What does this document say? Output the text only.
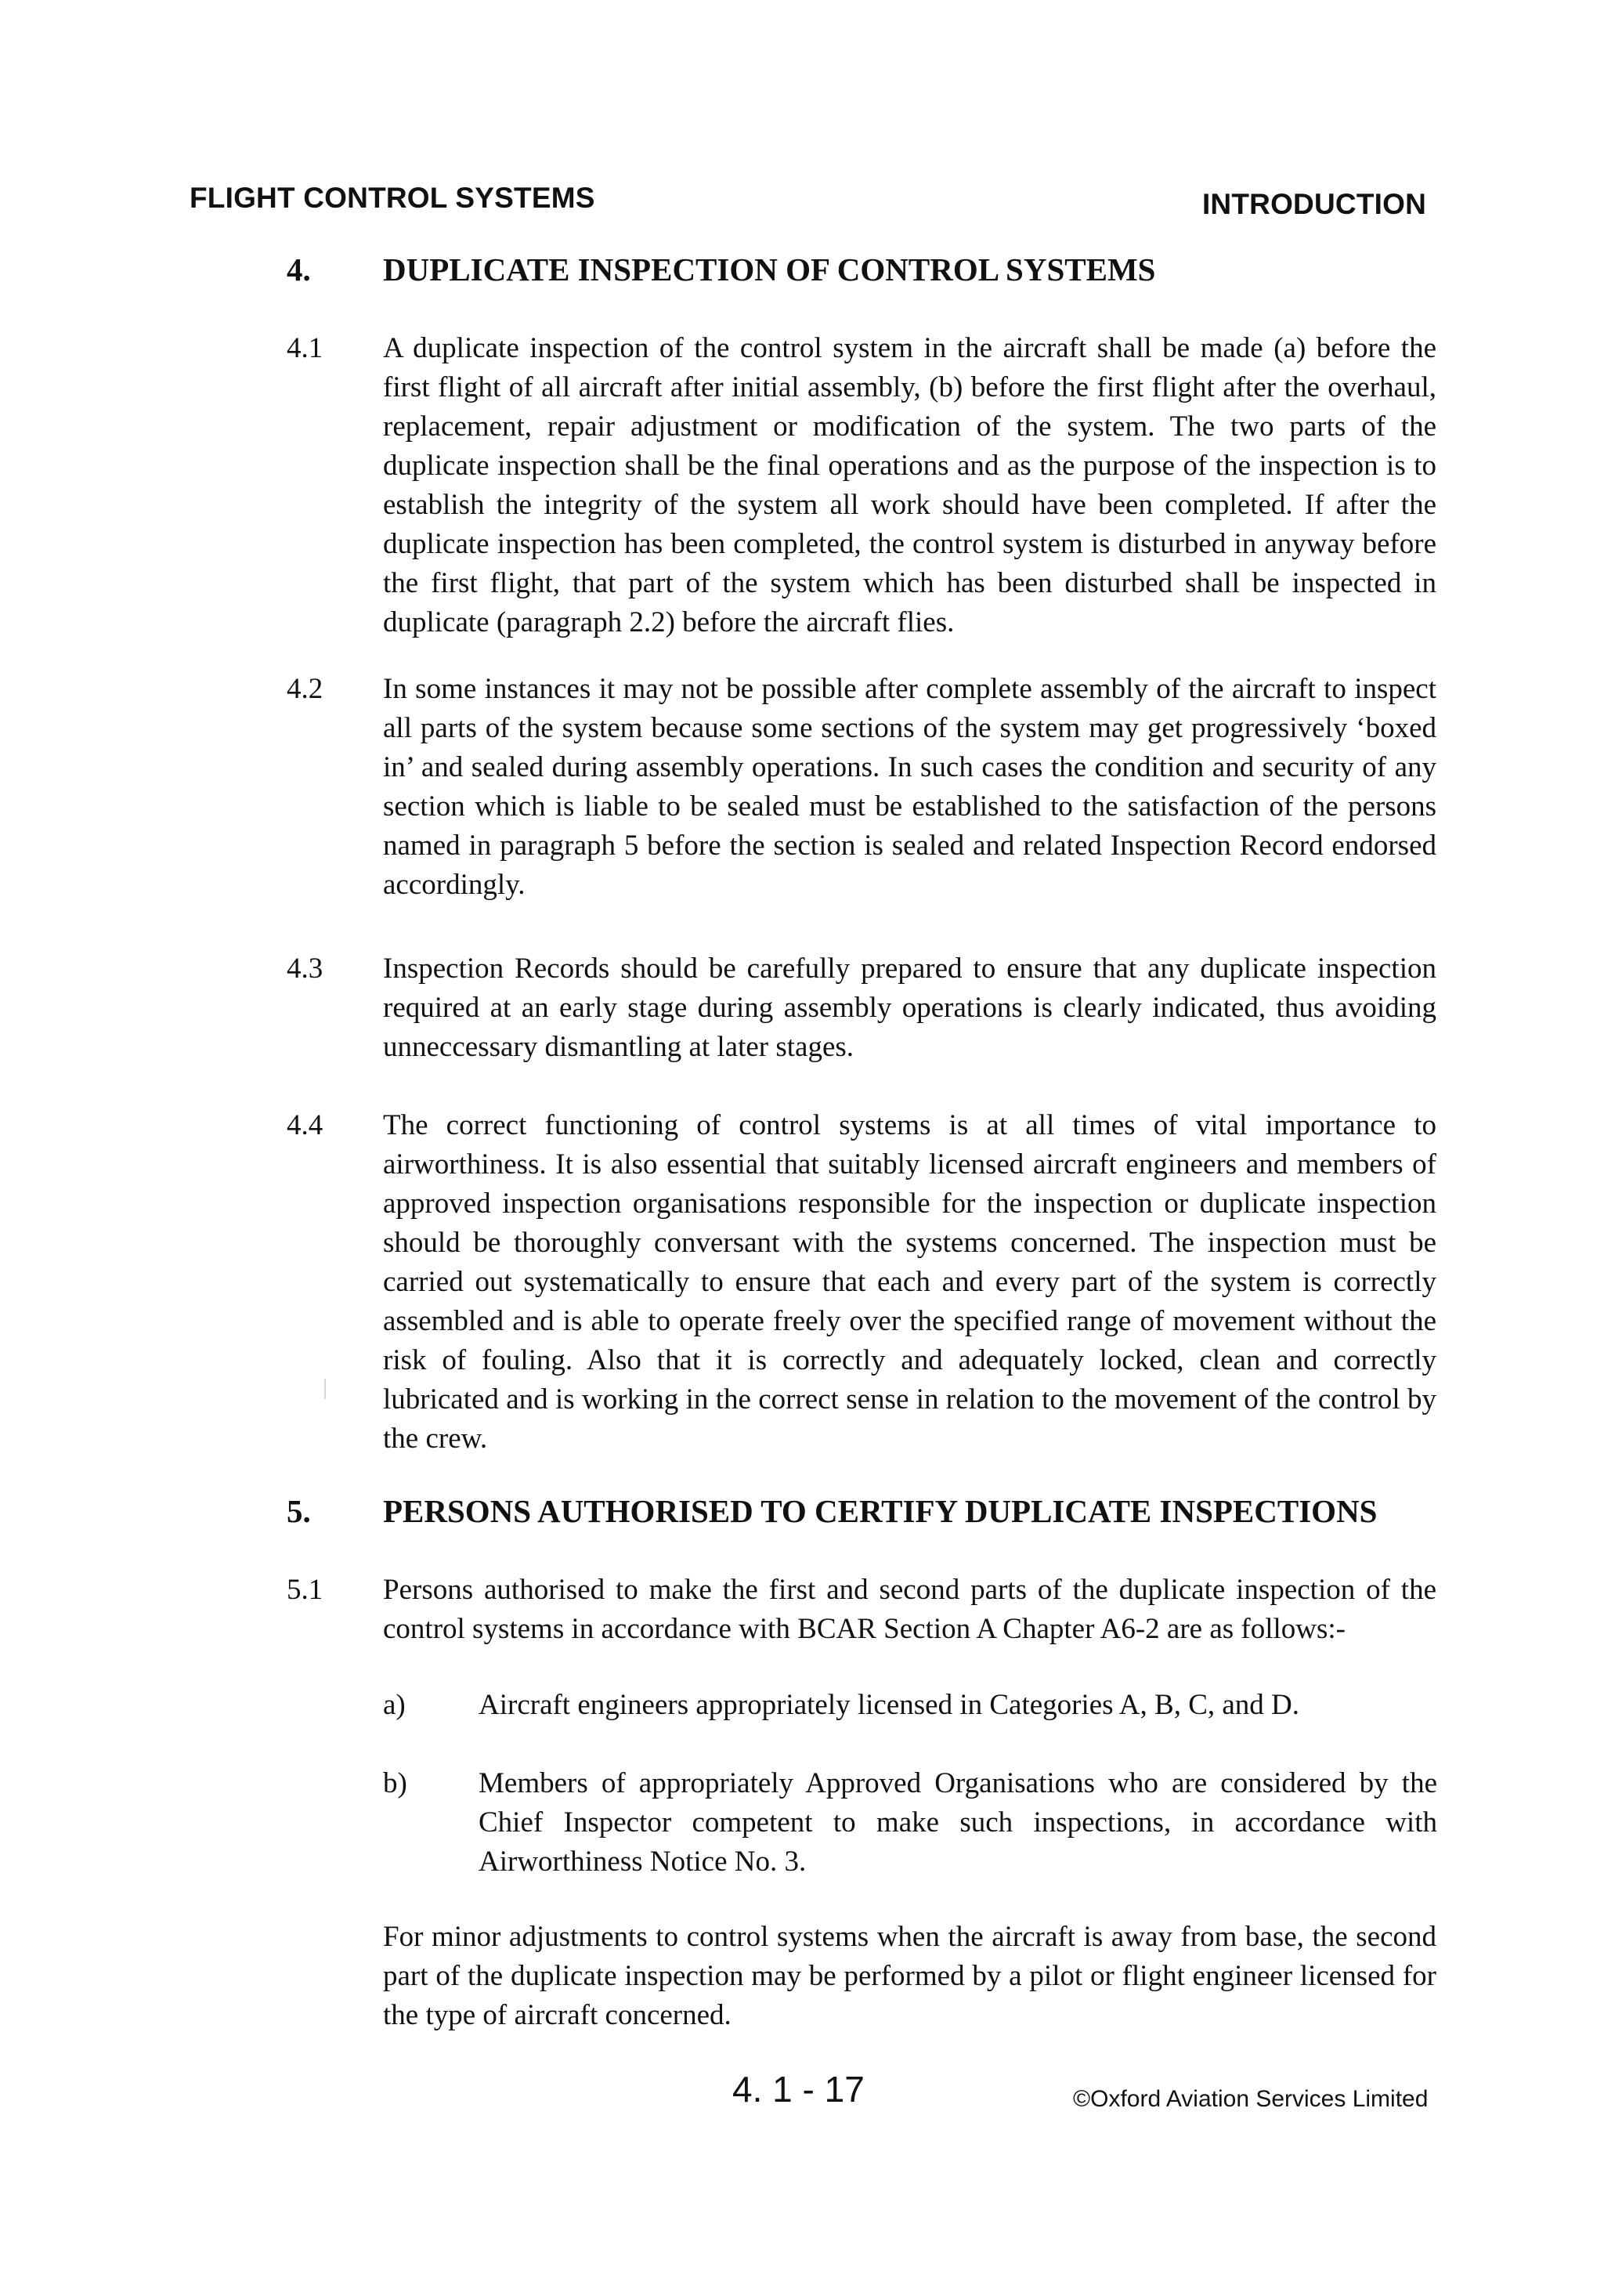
FLIGHT CONTROL SYSTEMS	INTRODUCTION
4. DUPLICATE INSPECTION OF CONTROL SYSTEMS
4.1 A duplicate inspection of the control system in the aircraft shall be made (a) before the first flight of all aircraft after initial assembly, (b) before the first flight after the overhaul, replacement, repair adjustment or modification of the system. The two parts of the duplicate inspection shall be the final operations and as the purpose of the inspection is to establish the integrity of the system all work should have been completed. If after the duplicate inspection has been completed, the control system is disturbed in anyway before the first flight, that part of the system which has been disturbed shall be inspected in duplicate (paragraph 2.2) before the aircraft flies.
4.2 In some instances it may not be possible after complete assembly of the aircraft to inspect all parts of the system because some sections of the system may get progressively ‘boxed in’ and sealed during assembly operations. In such cases the condition and security of any section which is liable to be sealed must be established to the satisfaction of the persons named in paragraph 5 before the section is sealed and related Inspection Record endorsed accordingly.
4.3 Inspection Records should be carefully prepared to ensure that any duplicate inspection required at an early stage during assembly operations is clearly indicated, thus avoiding unneccessary dismantling at later stages.
4.4 The correct functioning of control systems is at all times of vital importance to airworthiness. It is also essential that suitably licensed aircraft engineers and members of approved inspection organisations responsible for the inspection or duplicate inspection should be thoroughly conversant with the systems concerned. The inspection must be carried out systematically to ensure that each and every part of the system is correctly assembled and is able to operate freely over the specified range of movement without the risk of fouling. Also that it is correctly and adequately locked, clean and correctly lubricated and is working in the correct sense in relation to the movement of the control by the crew.
5. PERSONS AUTHORISED TO CERTIFY DUPLICATE INSPECTIONS
5.1 Persons authorised to make the first and second parts of the duplicate inspection of the control systems in accordance with BCAR Section A Chapter A6-2 are as follows:-
a)	Aircraft engineers appropriately licensed in Categories A, B, C, and D.
b) Members of appropriately Approved Organisations who are considered by the Chief Inspector competent to make such inspections, in accordance with Airworthiness Notice No. 3.
For minor adjustments to control systems when the aircraft is away from base, the second part of the duplicate inspection may be performed by a pilot or flight engineer licensed for the type of aircraft concerned.
4. 1 - 17	©Oxford Aviation Services Limited
